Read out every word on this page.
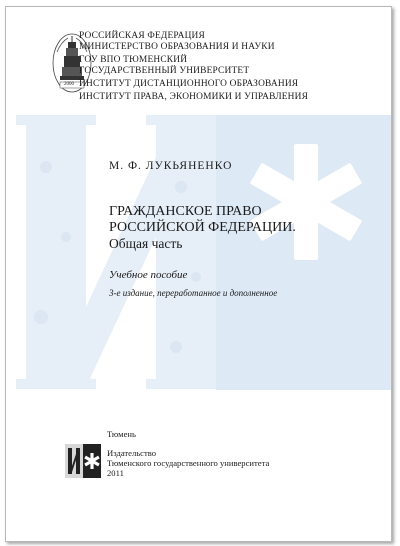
2000
РОССИЙСКАЯ ФЕДЕРАЦИЯ
МИНИСТЕРСТВО ОБРАЗОВАНИЯ И НАУКИ
ГОУ ВПО ТЮМЕНСКИЙ
ГОСУДАРСТВЕННЫЙ УНИВЕРСИТЕТ
ИНСТИТУТ ДИСТАНЦИОННОГО ОБРАЗОВАНИЯ
ИНСТИТУТ ПРАВА, ЭКОНОМИКИ И УПРАВЛЕНИЯ
М. Ф. ЛУКЬЯНЕНКО
ГРАЖДАНСКОЕ ПРАВО
РОССИЙСКОЙ ФЕДЕРАЦИИ.
Общая часть
Учебное пособие
3-е издание, переработанное и дополненное
Тюмень
Издательство
Тюменского государственного университета
2011
